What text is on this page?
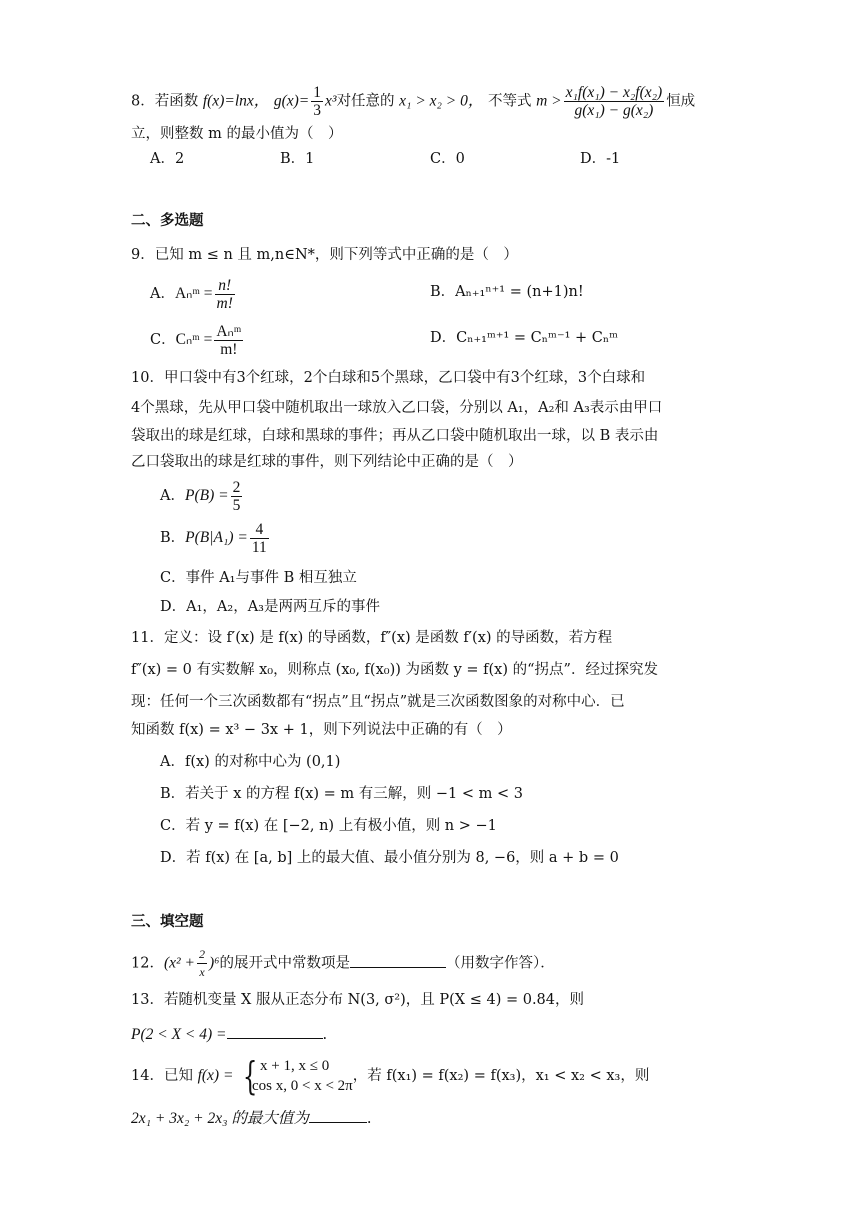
8．若函数 f(x)=lnx， $g(x)= \frac{1}{3} x^3$对任意的 x₁ > x₂ > 0， 不等式 $m > \frac{\text{x₁f(x₁) − x₂f(x₂)}}{\text{g(x₁) − g(x₂)}}$ 恒成
立，则整数 m 的最小值为（　）
A．2	B．1	C．0	D．-1
二、多选题
9．已知 m ≤ n 且 m,n∈N*，则下列等式中正确的是（　）
A．Aₙᵐ = $\frac{n!}{m!}$	B．Aₙ₊₁ⁿ⁺¹ = (n+1)n!
C．Cₙᵐ = $\frac{\text{Aₙᵐ}}{m!}$	D．Cₙ₊₁ᵐ⁺¹ = Cₙᵐ⁻¹ + Cₙᵐ
10．甲口袋中有3个红球，2个白球和5个黑球，乙口袋中有3个红球，3个白球和
4个黑球，先从甲口袋中随机取出一球放入乙口袋，分别以 A₁，A₂和 A₃表示由甲口
袋取出的球是红球，白球和黑球的事件；再从乙口袋中随机取出一球，以 B 表示由
乙口袋取出的球是红球的事件，则下列结论中正确的是（　）
A．$P(B) = \frac{2}{5}$
B．$P(B|A_1) = \frac{4}{11}$
C．事件 A₁与事件 B 相互独立
D．A₁，A₂，A₃是两两互斥的事件
11．定义：设 f′(x) 是 f(x) 的导函数，f″(x) 是函数 f′(x) 的导函数，若方程
f″(x) = 0 有实数解 x₀，则称点 (x₀, f(x₀)) 为函数 y = f(x) 的“拐点”．经过探究发
现：任何一个三次函数都有“拐点”且“拐点”就是三次函数图象的对称中心．已
知函数 f(x) = x³ − 3x + 1，则下列说法中正确的有（　）
A．f(x) 的对称中心为 (0,1)
B．若关于 x 的方程 f(x) = m 有三解，则 −1 < m < 3
C．若 y = f(x) 在 [−2, n) 上有极小值，则 n > −1
D．若 f(x) 在 [a, b] 上的最大值、最小值分别为 8, −6，则 a + b = 0
三、填空题
12．$(x^2 + \frac{2}{x} )^6$的展开式中常数项是	（用数字作答）．
13．若随机变量 X 服从正态分布 N(3, σ²)，且 P(X ≤ 4) = 0.84，则
P(2 < X < 4) =	.
14．已知 f(x) = { x + 1, x ≤ 0
cos x, 0 < x < 2π
，若 f(x₁) = f(x₂) = f(x₃)，x₁ < x₂ < x₃，则
2x₁ + 3x₂ + 2x₃ 的最大值为	.
